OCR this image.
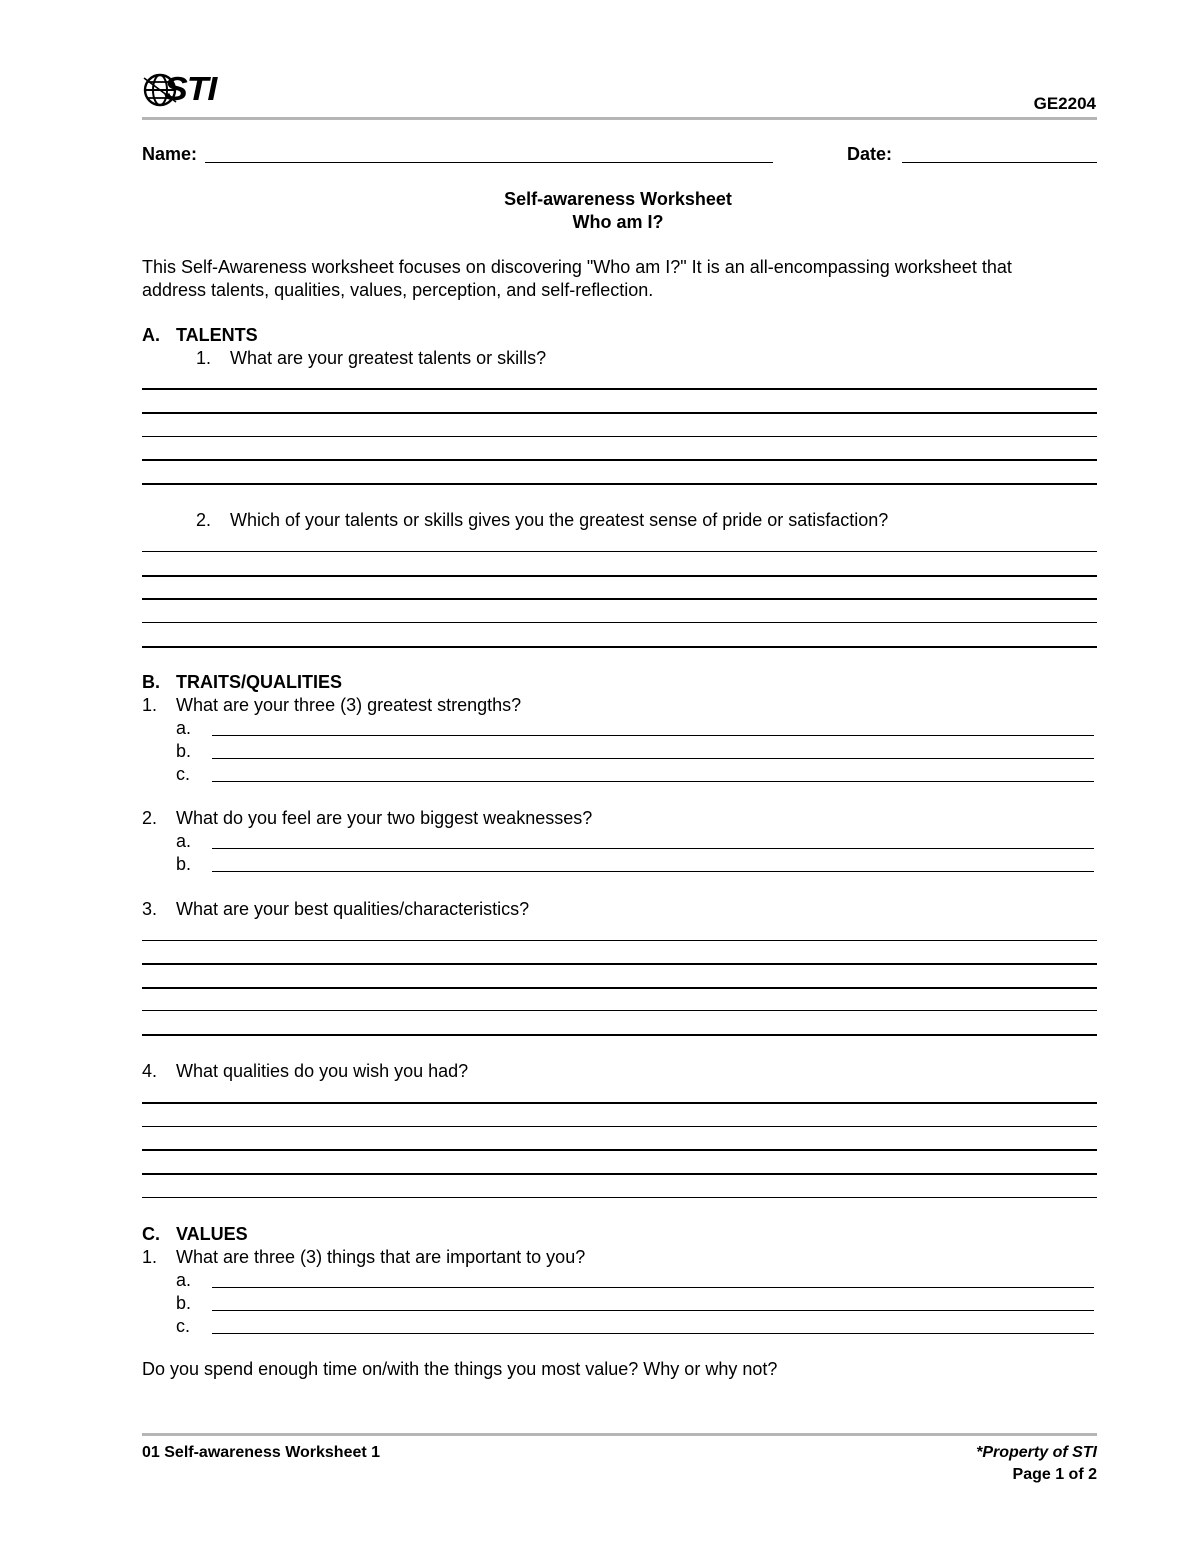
STI	GE2204
Name:	Date:
Self-awareness Worksheet
Who am I?
This Self-Awareness worksheet focuses on discovering "Who am I?" It is an all-encompassing worksheet that
address talents, qualities, values, perception, and self-reflection.
A. TALENTS
1. What are your greatest talents or skills?
2. Which of your talents or skills gives you the greatest sense of pride or satisfaction?
B. TRAITS/QUALITIES
1. What are your three (3) greatest strengths?
a.
b.
c.
2. What do you feel are your two biggest weaknesses?
a.
b.
3. What are your best qualities/characteristics?
4. What qualities do you wish you had?
C. VALUES
1. What are three (3) things that are important to you?
a.
b.
c.
Do you spend enough time on/with the things you most value? Why or why not?
01 Self-awareness Worksheet 1	*Property of STI
Page 1 of 2
